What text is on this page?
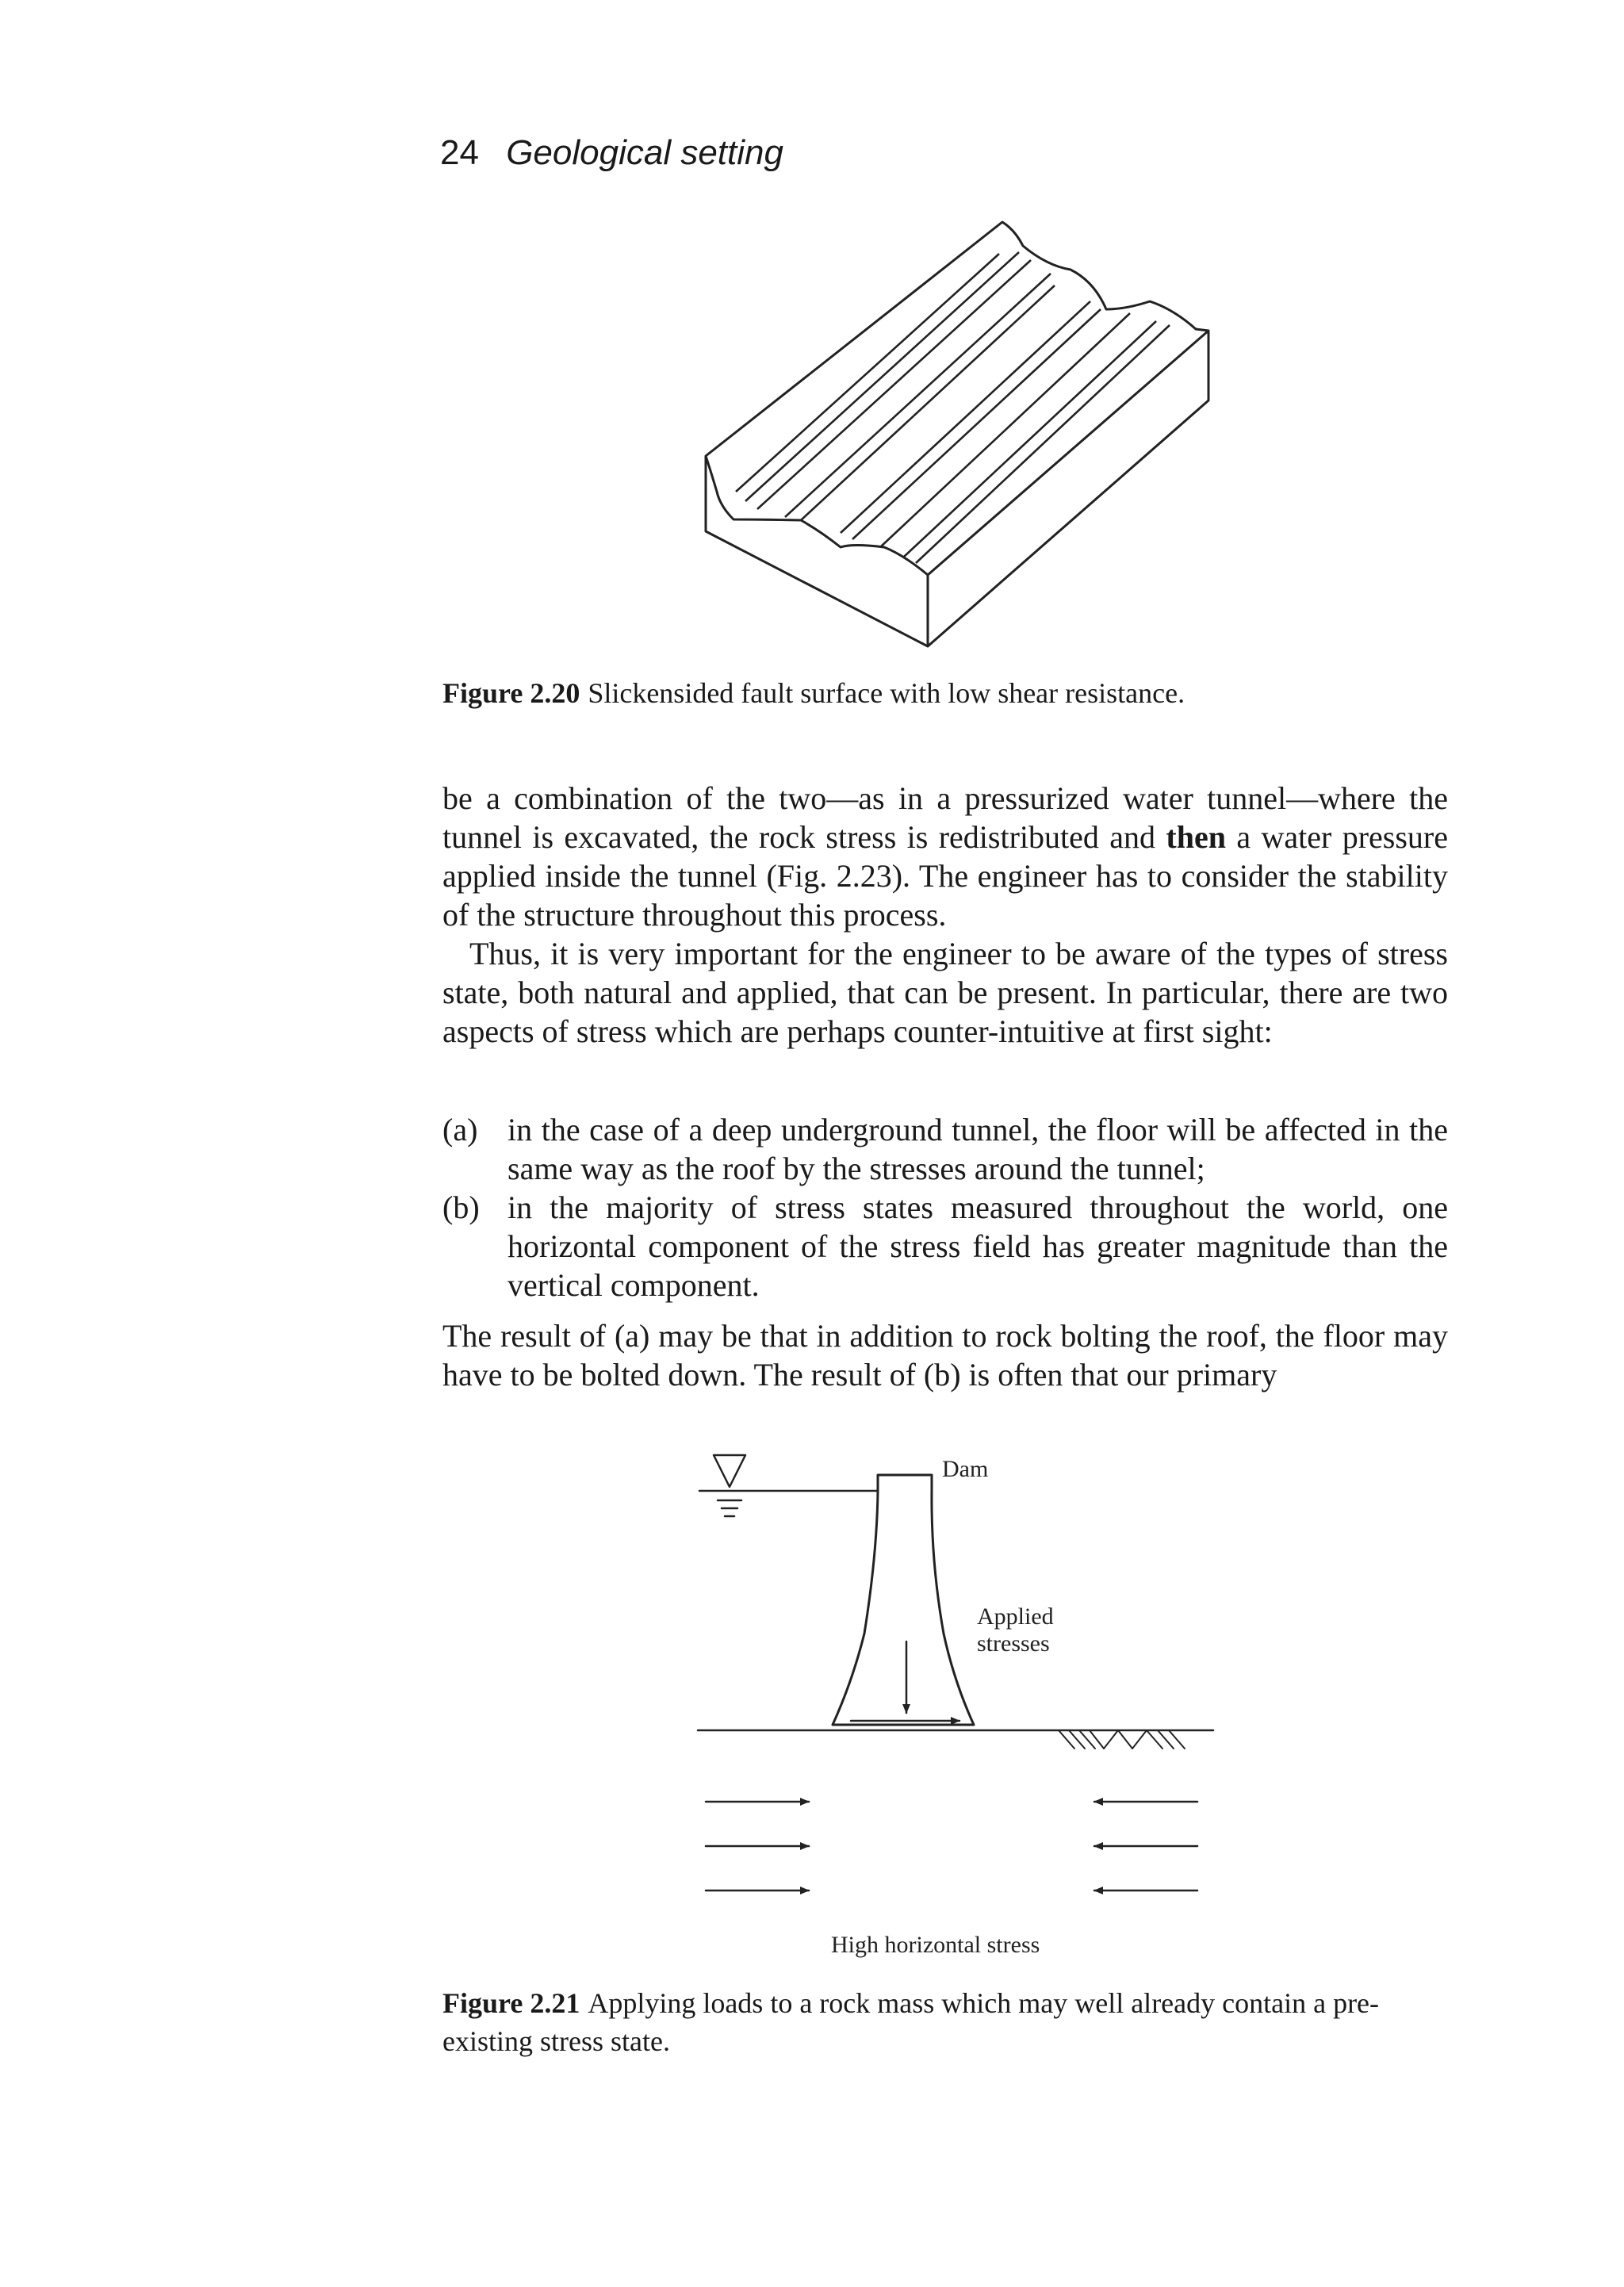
24 Geological setting
Figure 2.20 Slickensided fault surface with low shear resistance.

be a combination of the two—as in a pressurized water tunnel—where the tunnel is excavated, the rock stress is redistributed and then a water pressure applied inside the tunnel (Fig. 2.23). The engineer has to consider the stability of the structure throughout this process.

Thus, it is very important for the engineer to be aware of the types of stress state, both natural and applied, that can be present. In particular, there are two aspects of stress which are perhaps counter-intuitive at first sight:

(a) in the case of a deep underground tunnel, the floor will be affected in the same way as the roof by the stresses around the tunnel;
(b) in the majority of stress states measured throughout the world, one horizontal component of the stress field has greater magnitude than the vertical component.

The result of (a) may be that in addition to rock bolting the roof, the floor may have to be bolted down. The result of (b) is often that our primary

Dam
Applied
stresses
High horizontal stress
Figure 2.21 Applying loads to a rock mass which may well already contain a pre-existing stress state.
